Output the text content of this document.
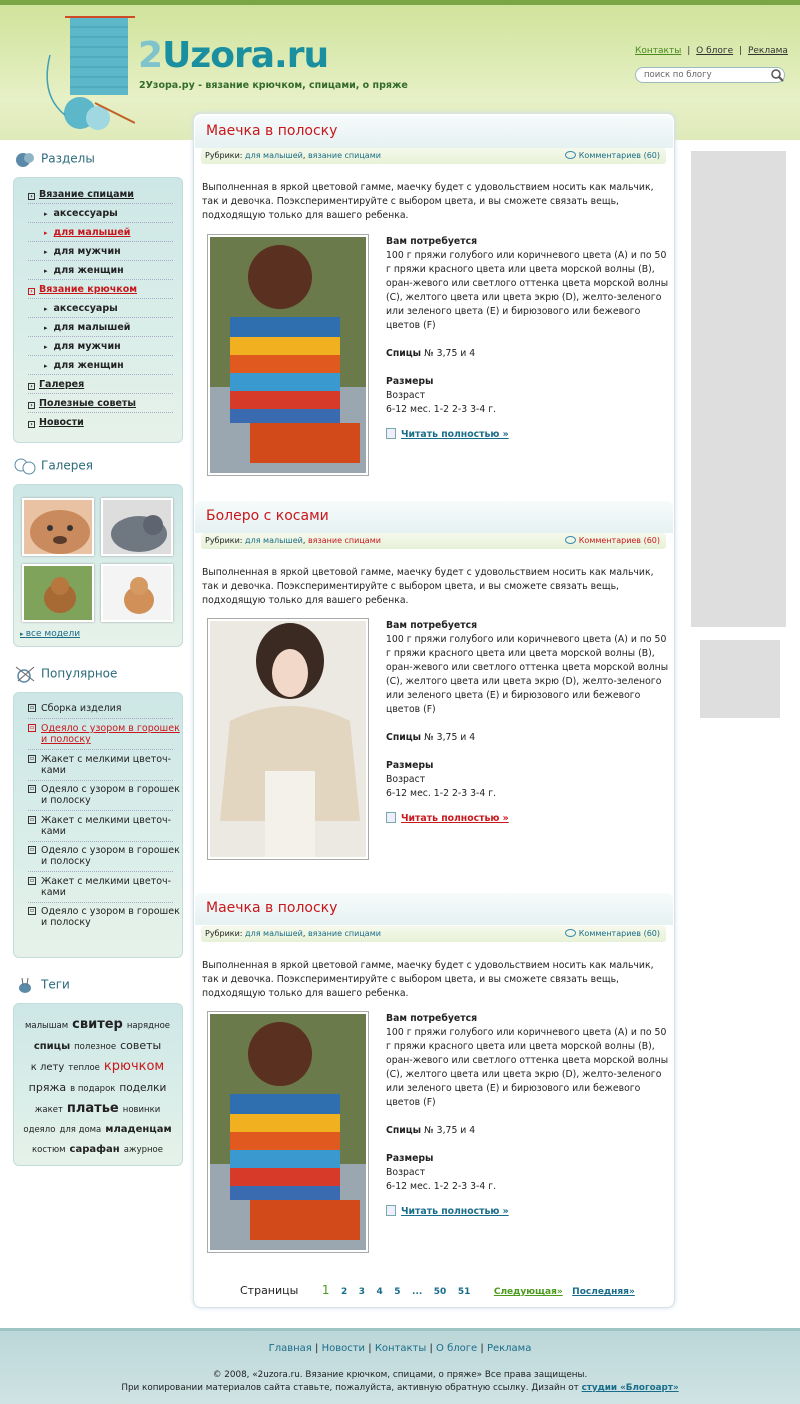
2Uzora.ru
2Узора.ру - вязание крючком, спицами, о пряже
Контакты | О блоге | Реклама
поиск по блогу
Разделы
› Вязание спицами
▸ аксессуары
▸ для малышей
▸ для мужчин
▸ для женщин
› Вязание крючком
▸ аксессуары
▸ для малышей
▸ для мужчин
▸ для женщин
› Галерея
› Полезные советы
› Новости
Галерея
▸ все модели
Популярное
▫ Сборка изделия
▫ Одеяло с узором в горошек и полоску
▫ Жакет с мелкими цветоч-ками
▫ Одеяло с узором в горошек и полоску
▫ Жакет с мелкими цветоч-ками
▫ Одеяло с узором в горошек и полоску
▫ Жакет с мелкими цветоч-ками
▫ Одеяло с узором в горошек и полоску
Теги
малышам свитер нарядное
спицы полезное советы
к лету теплое крючком
пряжа в подарок поделки
жакет платье новинки
одеяло для дома младенцам
костюм сарафан ажурное
Маечка в полоску
Рубрики: для малышей, вязание спицами	Комментариев (60)
Выполненная в яркой цветовой гамме, маечку будет с удовольствием носить как мальчик, так и девочка. Поэкспериментируйте с выбором цвета, и вы сможете связать вещь, подходящую только для вашего ребенка.
Вам потребуется
100 г пряжи голубого или коричневого цвета (А) и по 50 г пряжи красного цвета или цвета морской волны (В), оран-жевого или светлого оттенка цвета морской волны (С), желтого цвета или цвета экрю (D), желто-зеленого или зеленого цвета (Е) и бирюзового или бежевого цветов (F)

Спицы № 3,75 и 4

Размеры
Возраст
6-12 мес. 1-2 2-3 3-4 г.
Читать полностью »
Болеро с косами
Рубрики: для малышей, вязание спицами	Комментариев (60)
Выполненная в яркой цветовой гамме, маечку будет с удовольствием носить как мальчик, так и девочка. Поэкспериментируйте с выбором цвета, и вы сможете связать вещь, подходящую только для вашего ребенка.
Вам потребуется
100 г пряжи голубого или коричневого цвета (А) и по 50 г пряжи красного цвета или цвета морской волны (В), оран-жевого или светлого оттенка цвета морской волны (С), желтого цвета или цвета экрю (D), желто-зеленого или зеленого цвета (Е) и бирюзового или бежевого цветов (F)

Спицы № 3,75 и 4

Размеры
Возраст
6-12 мес. 1-2 2-3 3-4 г.
Читать полностью »
Маечка в полоску
Рубрики: для малышей, вязание спицами	Комментариев (60)
Выполненная в яркой цветовой гамме, маечку будет с удовольствием носить как мальчик, так и девочка. Поэкспериментируйте с выбором цвета, и вы сможете связать вещь, подходящую только для вашего ребенка.
Вам потребуется
100 г пряжи голубого или коричневого цвета (А) и по 50 г пряжи красного цвета или цвета морской волны (В), оран-жевого или светлого оттенка цвета морской волны (С), желтого цвета или цвета экрю (D), желто-зеленого или зеленого цвета (Е) и бирюзового или бежевого цветов (F)

Спицы № 3,75 и 4

Размеры
Возраст
6-12 мес. 1-2 2-3 3-4 г.
Читать полностью »
Страницы 1 2 3 4 5 ... 50 51	Следующая» Последняя»
Главная | Новости | Контакты | О блоге | Реклама
© 2008, «2uzora.ru. Вязание крючком, спицами, о пряже» Все права защищены.
При копировании материалов сайта ставьте, пожалуйста, активную обратную ссылку. Дизайн от студии «Блогоарт»
